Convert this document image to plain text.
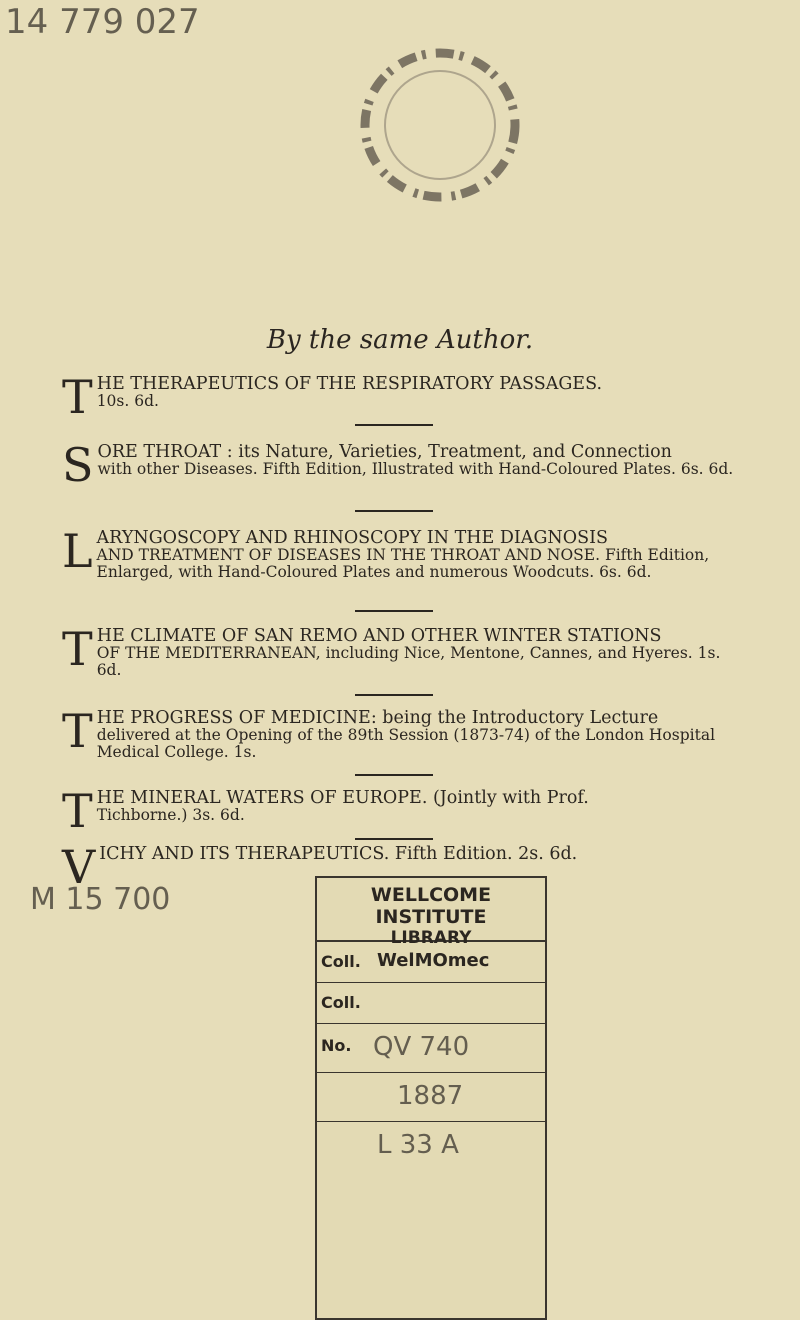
14 779 027
By the same Author.
T HE THERAPEUTICS OF THE RESPIRATORY PASSAGES.
10s. 6d.
S ORE THROAT : its Nature, Varieties, Treatment, and Connection
with other Diseases. Fifth Edition, Illustrated with Hand-Coloured Plates. 6s. 6d.
L ARYNGOSCOPY AND RHINOSCOPY IN THE DIAGNOSIS
AND TREATMENT OF DISEASES IN THE THROAT AND NOSE. Fifth Edition, Enlarged, with Hand-Coloured Plates and numerous Woodcuts. 6s. 6d.
T HE CLIMATE OF SAN REMO AND OTHER WINTER STATIONS
OF THE MEDITERRANEAN, including Nice, Mentone, Cannes, and Hyeres. 1s. 6d.
T HE PROGRESS OF MEDICINE: being the Introductory Lecture
delivered at the Opening of the 89th Session (1873-74) of the London Hospital Medical College. 1s.
T HE MINERAL WATERS OF EUROPE. (Jointly with Prof.
Tichborne.) 3s. 6d.
V ICHY AND ITS THERAPEUTICS. Fifth Edition. 2s. 6d.
M 15 700	WELLCOME INSTITUTE
LIBRARY
Coll. WelMOmec
Coll.
No. QV 740
1887
L 33 A
